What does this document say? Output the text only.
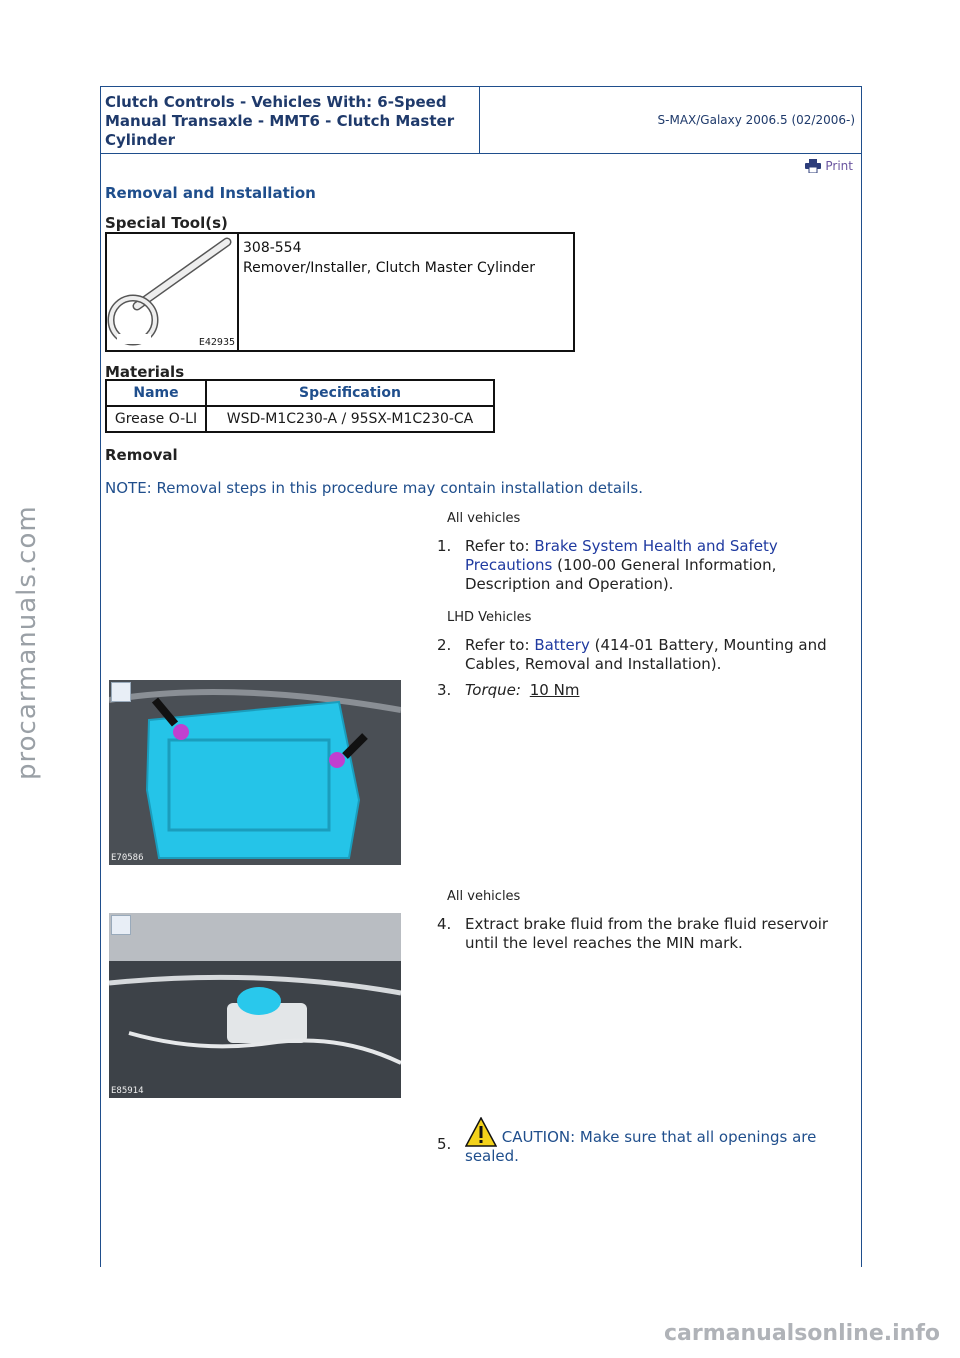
procarmanuals.com
Clutch Controls - Vehicles With: 6-Speed Manual Transaxle - MMT6 - Clutch Master Cylinder
S-MAX/Galaxy 2006.5 (02/2006-)
Print
Removal and Installation
Special Tool(s)
E42935
308-554
Remover/Installer, Clutch Master Cylinder
Materials
Name	Specification
Grease O-LI	WSD-M1C230-A / 95SX-M1C230-CA
Removal
NOTE: Removal steps in this procedure may contain installation details.
All vehicles
1. Refer to: Brake System Health and Safety Precautions (100-00 General Information, Description and Operation).
LHD Vehicles
2. Refer to: Battery (414-01 Battery, Mounting and Cables, Removal and Installation).
E70586
3. Torque: 10 Nm
All vehicles
E85914
4. Extract brake fluid from the brake fluid reservoir until the level reaches the MIN mark.
5.	CAUTION: Make sure that all openings are sealed.
carmanualsonline.info
